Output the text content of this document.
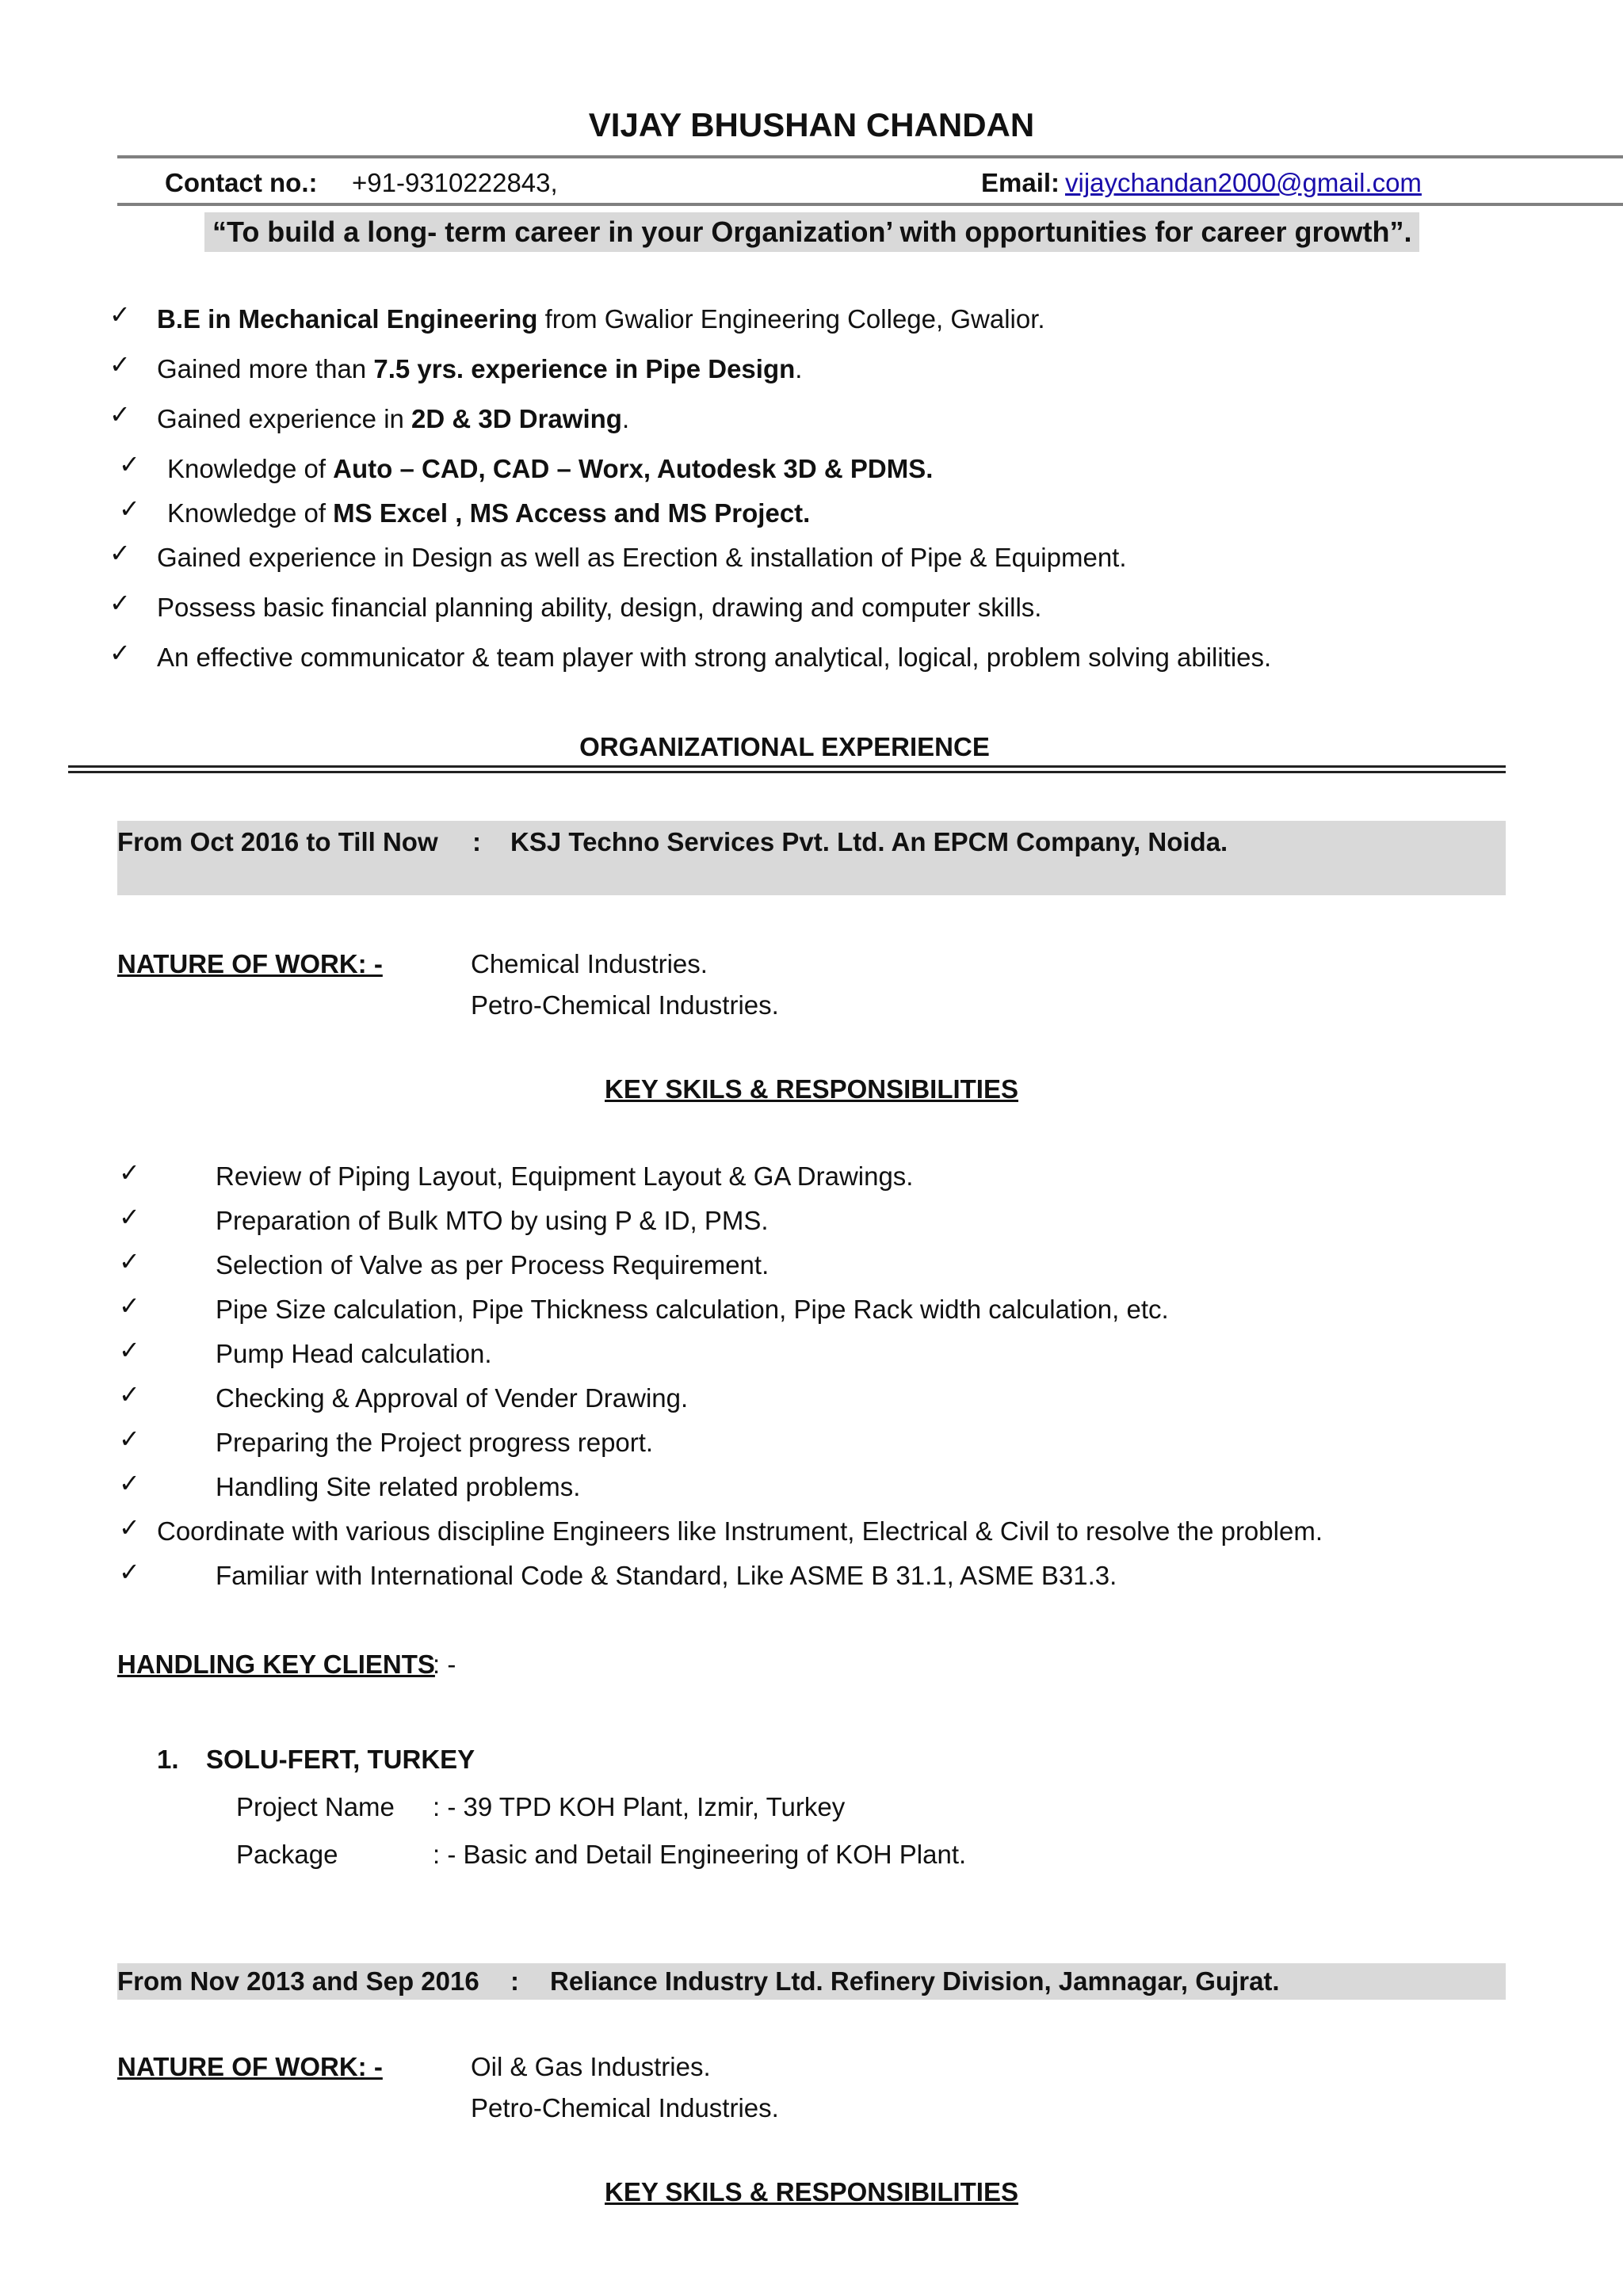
VIJAY BHUSHAN CHANDAN
Contact no.: +91-9310222843,	Email: vijaychandan2000@gmail.com
“To build a long- term career in your Organization’ with opportunities for career growth”.
✓ B.E in Mechanical Engineering from Gwalior Engineering College, Gwalior.
✓ Gained more than 7.5 yrs. experience in Pipe Design.
✓ Gained experience in 2D & 3D Drawing.
✓ Knowledge of Auto – CAD, CAD – Worx, Autodesk 3D & PDMS.
✓ Knowledge of MS Excel , MS Access and MS Project.
✓ Gained experience in Design as well as Erection & installation of Pipe & Equipment.
✓ Possess basic financial planning ability, design, drawing and computer skills.
✓ An effective communicator & team player with strong analytical, logical, problem solving abilities.
ORGANIZATIONAL EXPERIENCE
From Oct 2016 to Till Now : KSJ Techno Services Pvt. Ltd. An EPCM Company, Noida.
NATURE OF WORK: -	Chemical Industries.
Petro-Chemical Industries.
KEY SKILS & RESPONSIBILITIES
✓	Review of Piping Layout, Equipment Layout & GA Drawings.
✓	Preparation of Bulk MTO by using P & ID, PMS.
✓	Selection of Valve as per Process Requirement.
✓	Pipe Size calculation, Pipe Thickness calculation, Pipe Rack width calculation, etc.
✓	Pump Head calculation.
✓	Checking & Approval of Vender Drawing.
✓	Preparing the Project progress report.
✓	Handling Site related problems.
✓ Coordinate with various discipline Engineers like Instrument, Electrical & Civil to resolve the problem.
✓	Familiar with International Code & Standard, Like ASME B 31.1, ASME B31.3.
HANDLING KEY CLIENTS
: -
1. SOLU-FERT, TURKEY
Project Name : - 39 TPD KOH Plant, Izmir, Turkey
Package	: - Basic and Detail Engineering of KOH Plant.
From Nov 2013 and Sep 2016 : Reliance Industry Ltd. Refinery Division, Jamnagar, Gujrat.
NATURE OF WORK: -	Oil & Gas Industries.
Petro-Chemical Industries.
KEY SKILS & RESPONSIBILITIES
